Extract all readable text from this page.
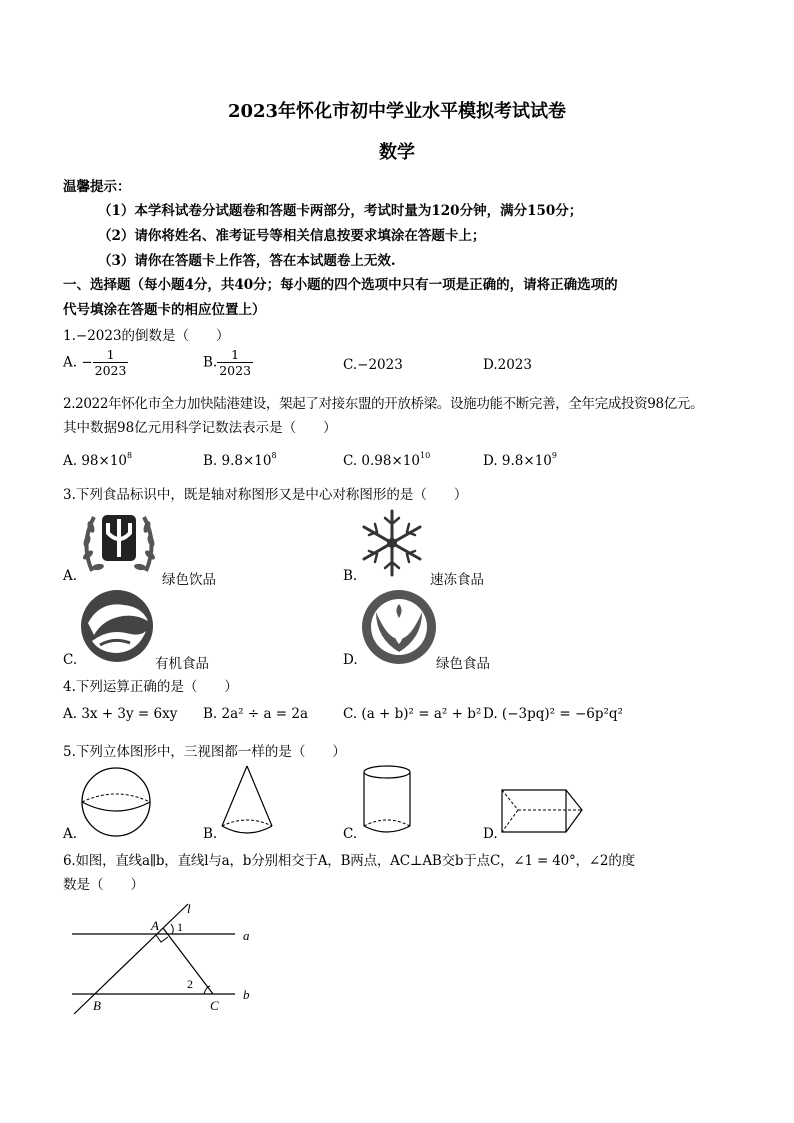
2023年怀化市初中学业水平模拟考试试卷
数学
温馨提示：
（1）本学科试卷分试题卷和答题卡两部分，考试时量为120分钟，满分150分；
（2）请你将姓名、准考证号等相关信息按要求填涂在答题卡上；
（3）请你在答题卡上作答，答在本试题卷上无效.
一、选择题（每小题4分，共40分；每小题的四个选项中只有一项是正确的，请将正确选项的
代号填涂在答题卡的相应位置上）
1.−2023的倒数是（　　）
A. − $\frac{1}{2023}$	B. $\frac{1}{2023}$	C.−2023	D.2023
2.2022年怀化市全力加快陆港建设，架起了对接东盟的开放桥梁。设施功能不断完善，全年完成投资98亿元。
其中数据98亿元用科学记数法表示是（　　）
A. $98\times 10^8$	B. $9.8\times 10^8$	C. $0.98\times 10^{10}$	D. $9.8\times 10^9$
3.下列食品标识中，既是轴对称图形又是中心对称图形的是（　　）
A.	绿色饮品	B.	速冻食品
C.	有机食品	D.	绿色食品
4.下列运算正确的是（　　）
A. 3x + 3y = 6xy B. 2a² ÷ a = 2a	C. (a + b)² = a² + b² D. (−3pq)² = −6p²q²
5.下列立体图形中，三视图都一样的是（　　）
A.	B.	C.	D.
6.如图，直线a∥b，直线l与a，b分别相交于A，B两点，AC⊥AB交b于点C，∠1 = 40°，∠2的度
数是（　　）
l
a
b
A
B	C
1
2
